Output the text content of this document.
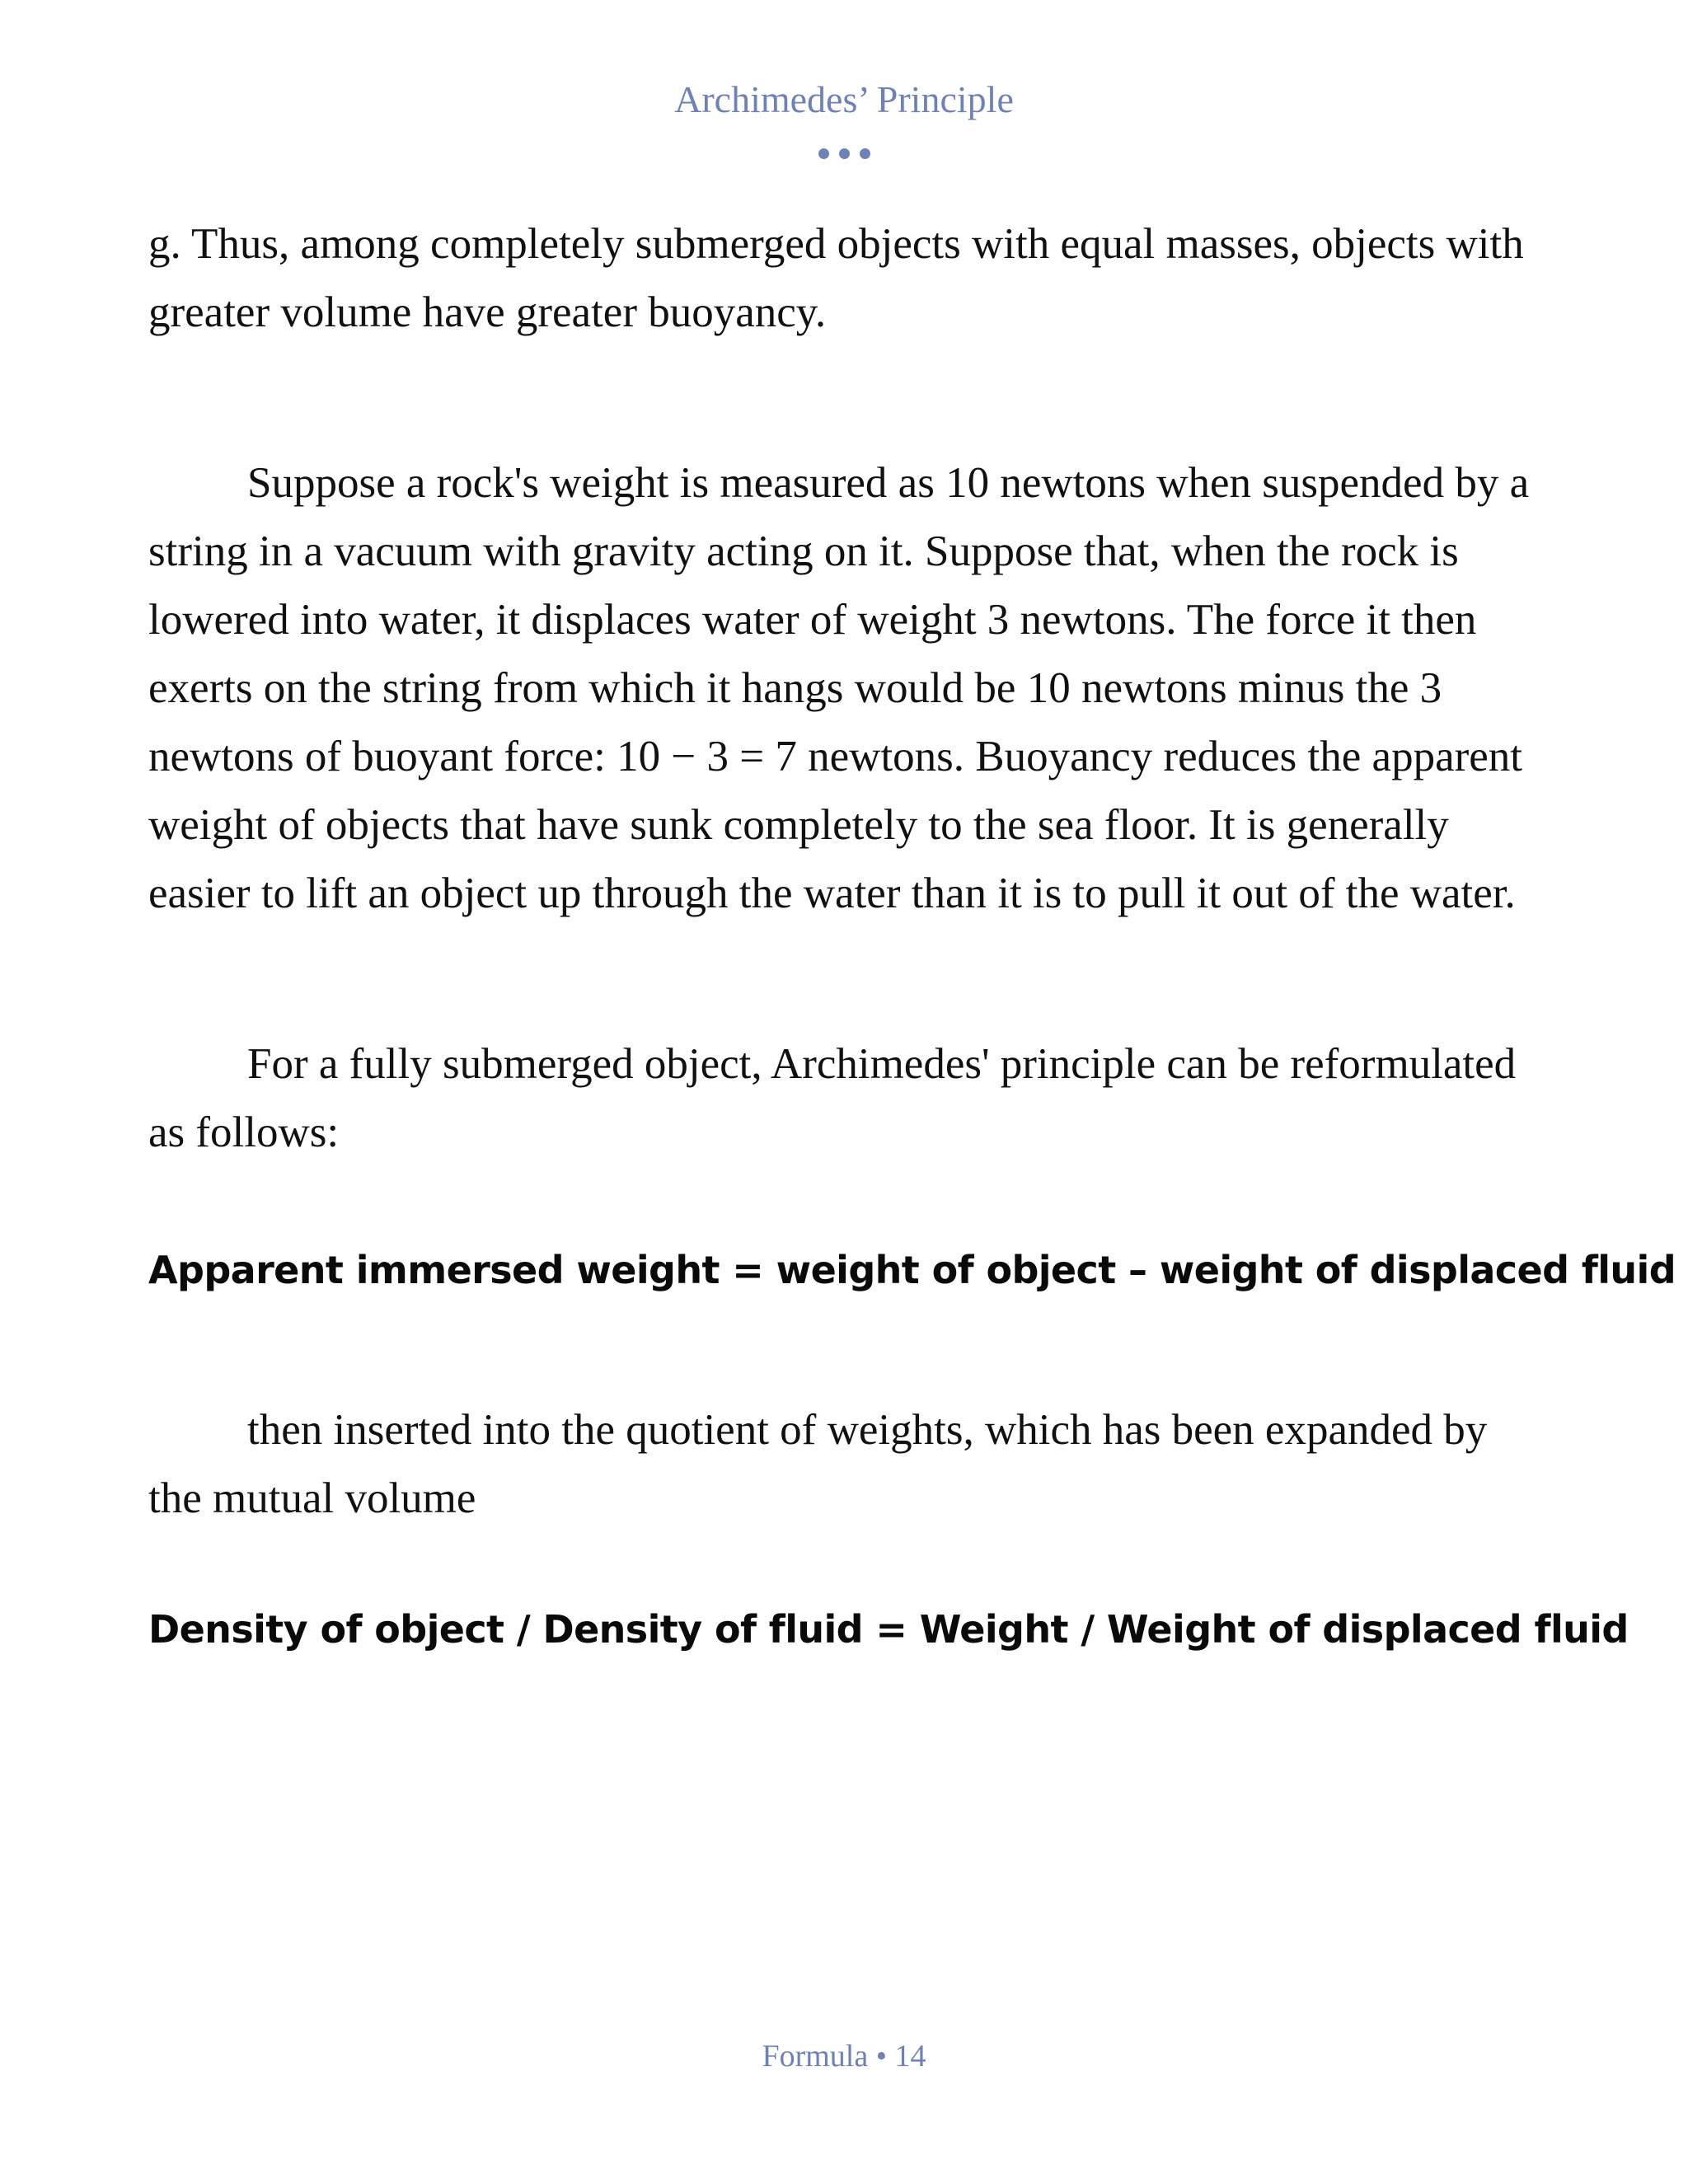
Archimedes’ Principle

g. Thus, among completely submerged objects with equal masses, objects with greater volume have greater buoyancy.

Suppose a rock's weight is measured as 10 newtons when suspended by a string in a vacuum with gravity acting on it. Suppose that, when the rock is lowered into water, it displaces water of weight 3 newtons. The force it then exerts on the string from which it hangs would be 10 newtons minus the 3 newtons of buoyant force: 10 − 3 = 7 newtons. Buoyancy reduces the apparent weight of objects that have sunk completely to the sea floor. It is generally easier to lift an object up through the water than it is to pull it out of the water.

For a fully submerged object, Archimedes' principle can be reformulated as follows:

Apparent immersed weight = weight of object – weight of displaced fluid

then inserted into the quotient of weights, which has been expanded by the mutual volume

Density of object / Density of fluid = Weight / Weight of displaced fluid

Formula • 14
